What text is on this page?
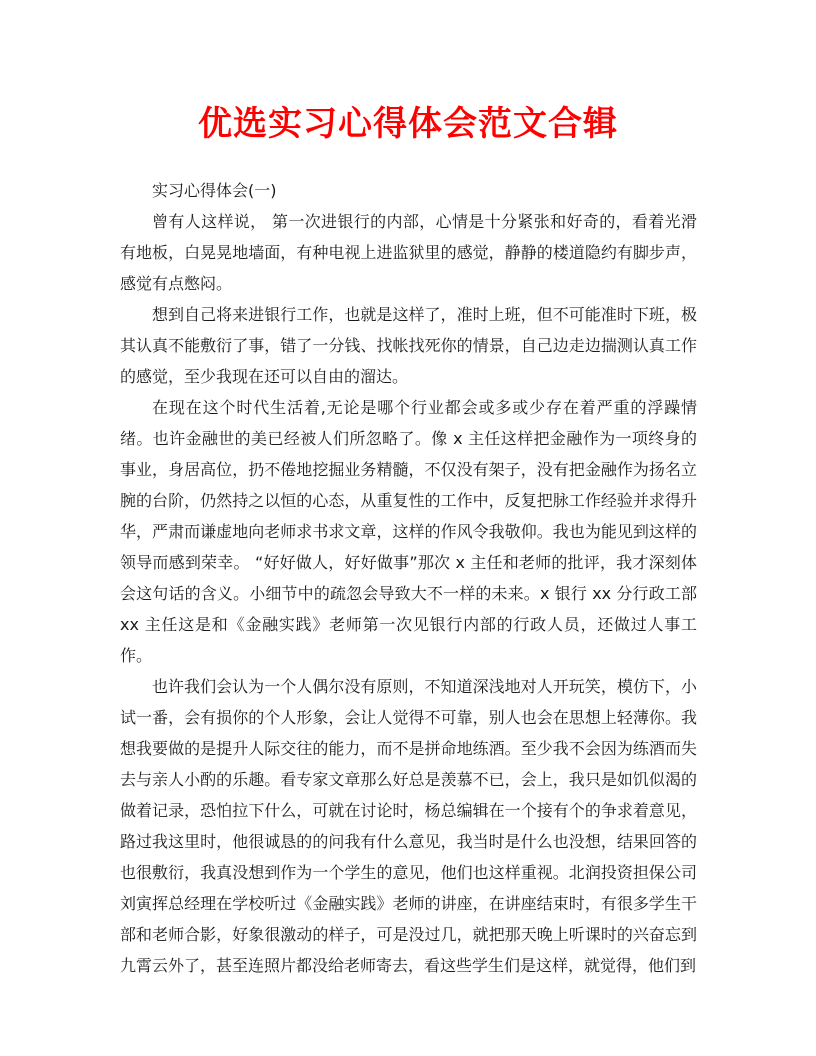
优选实习心得体会范文合辑

实习心得体会(一)

曾有人这样说， 第一次进银行的内部，心情是十分紧张和好奇的，看着光滑有地板，白晃晃地墙面，有种电视上进监狱里的感觉，静静的楼道隐约有脚步声，感觉有点憋闷。

想到自己将来进银行工作，也就是这样了，准时上班，但不可能准时下班，极其认真不能敷衍了事，错了一分钱、找帐找死你的情景，自己边走边揣测认真工作的感觉，至少我现在还可以自由的溜达。

在现在这个时代生活着,无论是哪个行业都会或多或少存在着严重的浮躁情绪。也许金融世的美已经被人们所忽略了。像 x 主任这样把金融作为一项终身的事业，身居高位，扔不倦地挖掘业务精髓，不仅没有架子，没有把金融作为扬名立腕的台阶，仍然持之以恒的心态，从重复性的工作中，反复把脉工作经验并求得升华，严肃而谦虚地向老师求书求文章，这样的作风令我敬仰。我也为能见到这样的领导而感到荣幸。 “好好做人，好好做事”那次 x 主任和老师的批评，我才深刻体会这句话的含义。小细节中的疏忽会导致大不一样的未来。x 银行 xx 分行政工部 xx 主任这是和《金融实践》老师第一次见银行内部的行政人员，还做过人事工作。

也许我们会认为一个人偶尔没有原则，不知道深浅地对人开玩笑，模仿下，小试一番，会有损你的个人形象，会让人觉得不可靠，别人也会在思想上轻薄你。我想我要做的是提升人际交往的能力，而不是拼命地练酒。至少我不会因为练酒而失去与亲人小酌的乐趣。看专家文章那么好总是羡慕不已，会上，我只是如饥似渴的做着记录，恐怕拉下什么，可就在讨论时，杨总编辑在一个接有个的争求着意见，路过我这里时，他很诚恳的的问我有什么意见，我当时是什么也没想，结果回答的也很敷衍，我真没想到作为一个学生的意见，他们也这样重视。北润投资担保公司刘寅挥总经理在学校听过《金融实践》老师的讲座，在讲座结束时，有很多学生干部和老师合影，好象很激动的样子，可是没过几，就把那天晚上听课时的兴奋忘到九霄云外了，甚至连照片都没给老师寄去，看这些学生们是这样，就觉得，他们到
